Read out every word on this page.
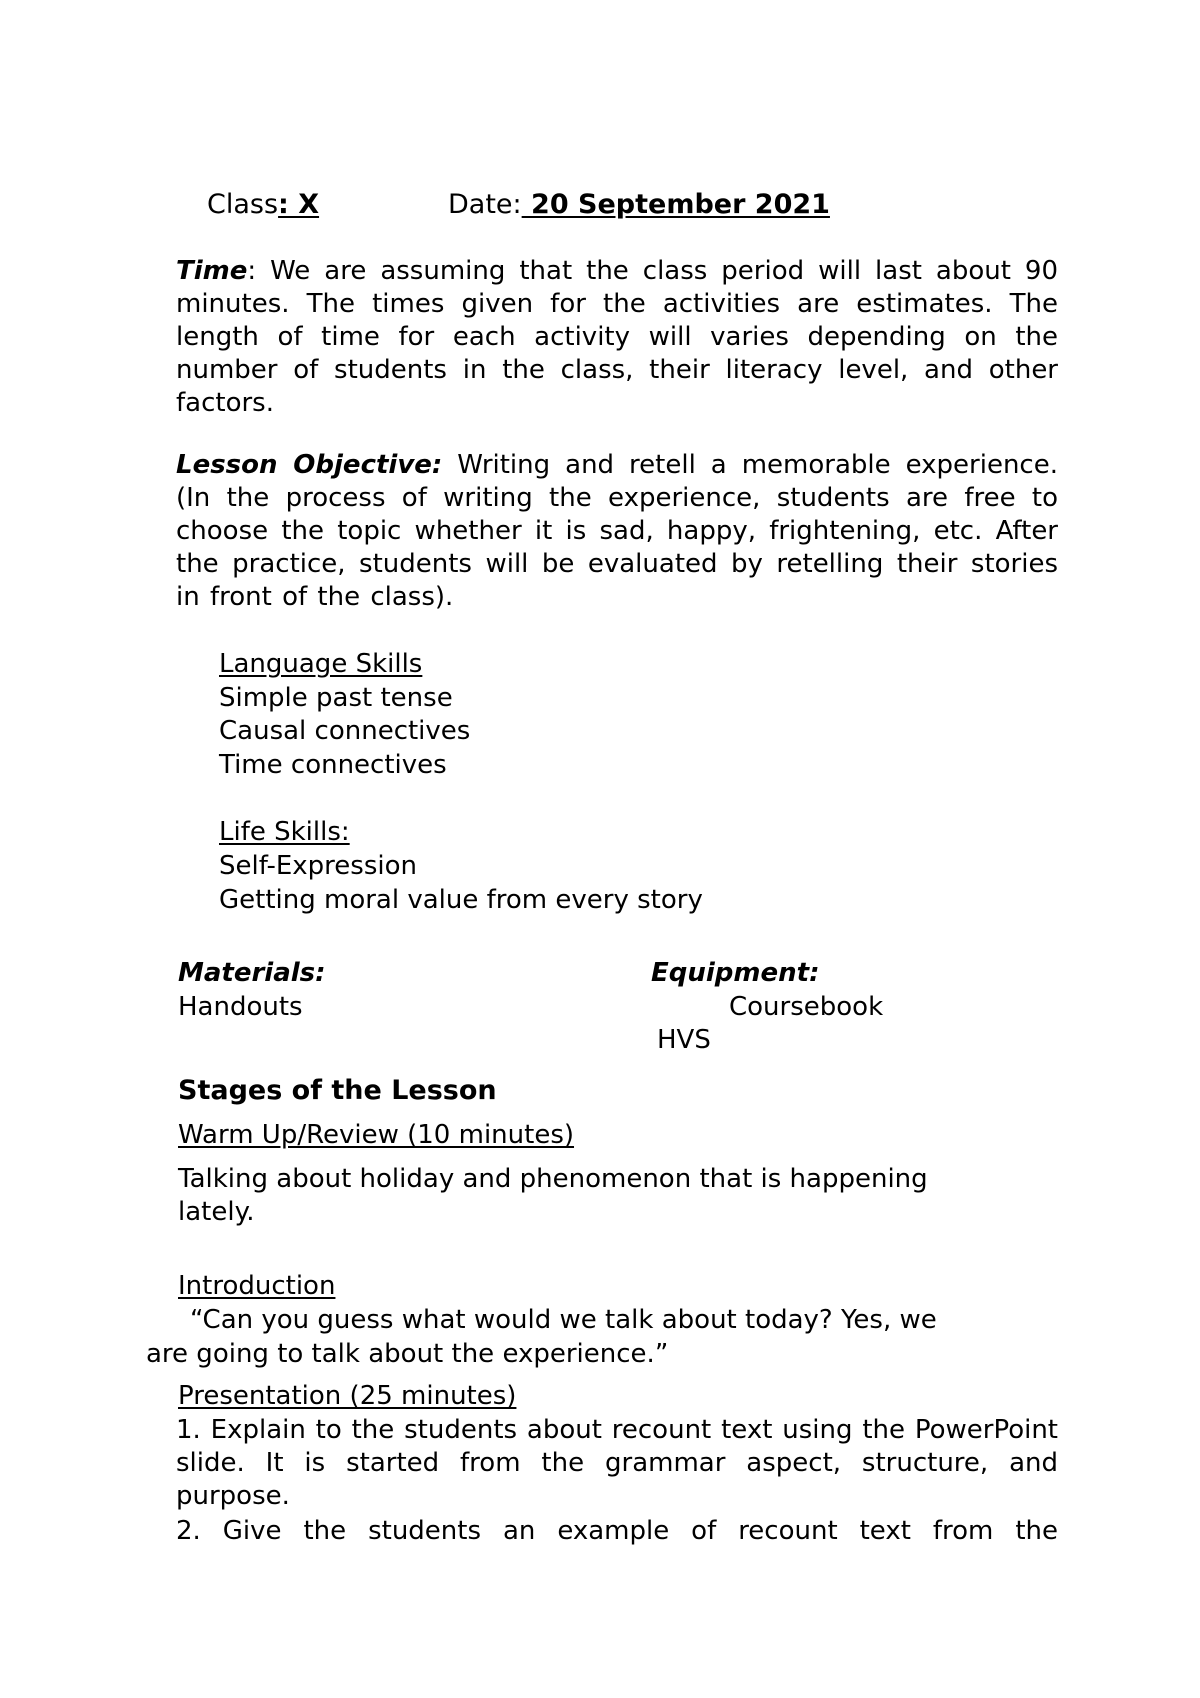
Class: X	Date: 20 September 2021

Time: We are assuming that the class period will last about 90 minutes. The times given for the activities are estimates. The length of time for each activity will varies depending on the number of students in the class, their literacy level, and other factors.

Lesson Objective: Writing and retell a memorable experience. (In the process of writing the experience, students are free to choose the topic whether it is sad, happy, frightening, etc. After the practice, students will be evaluated by retelling their stories in front of the class).

Language Skills

Simple past tense

Causal connectives

Time connectives

Life Skills:

Self-Expression

Getting moral value from every story

Materials:

Handouts

Equipment:

Coursebook

HVS

Stages of the Lesson

Warm Up/Review (10 minutes)

Talking about holiday and phenomenon that is happening

lately.

Introduction

“Can you guess what would we talk about today? Yes, we

are going to talk about the experience.”

Presentation (25 minutes)

1. Explain to the students about recount text using the PowerPoint slide. It is started from the grammar aspect, structure, and purpose.

2. Give the students an example of recount text from the
